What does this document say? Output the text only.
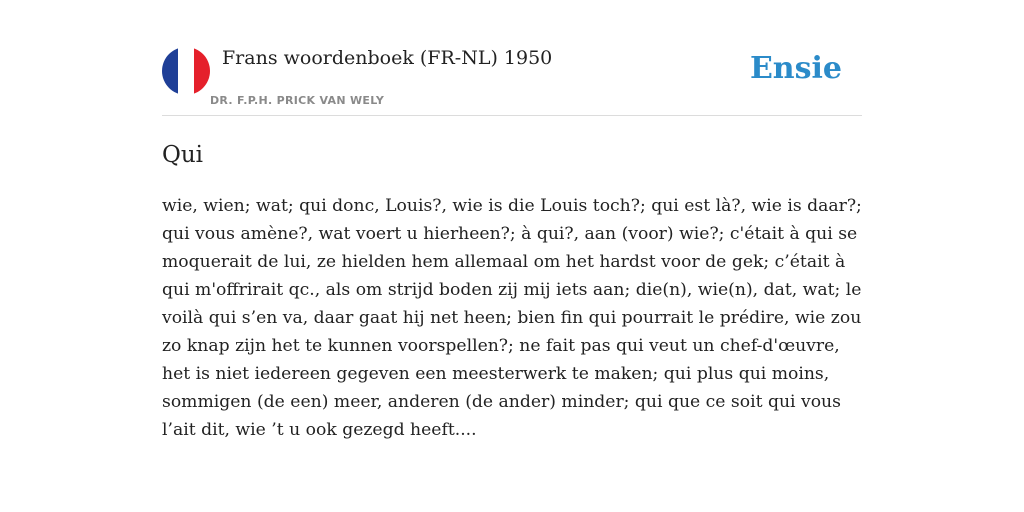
Frans woordenboek (FR-NL) 1950
DR. F.P.H. PRICK VAN WELY
Ensie
Qui

wie, wien; wat; qui donc, Louis?, wie is die Louis toch?; qui est là?, wie is daar?; qui vous amène?, wat voert u hierheen?; à qui?, aan (voor) wie?; c'était à qui se moquerait de lui, ze hielden hem allemaal om het hardst voor de gek; c’était à qui m'offrirait qc., als om strijd boden zij mij iets aan; die(n), wie(n), dat, wat; le voilà qui s’en va, daar gaat hij net heen; bien fin qui pourrait le prédire, wie zou zo knap zijn het te kunnen voorspellen?; ne fait pas qui veut un chef-d'œuvre, het is niet iedereen gegeven een meesterwerk te maken; qui plus qui moins, sommigen (de een) meer, anderen (de ander) minder; qui que ce soit qui vous l’ait dit, wie ’t u ook gezegd heeft....
